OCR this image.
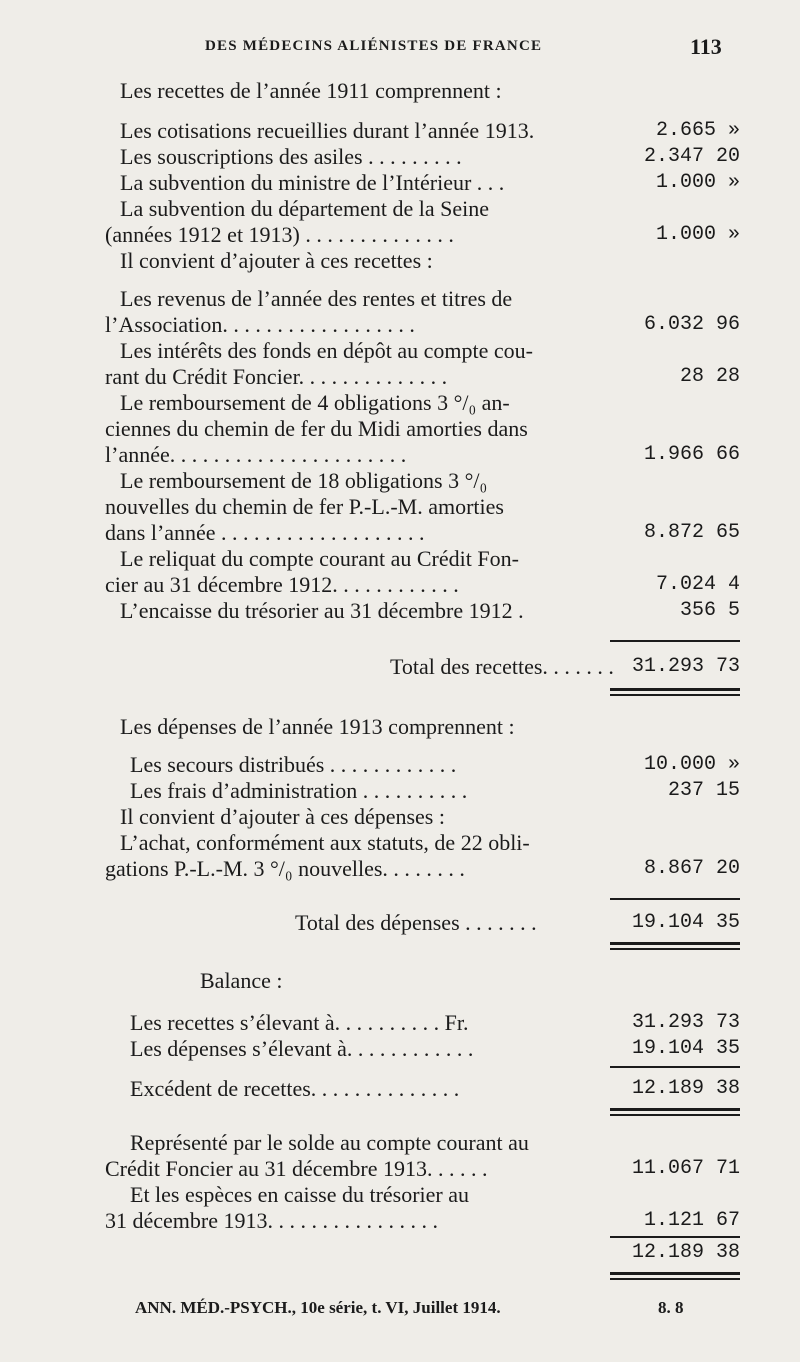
DES MÉDECINS ALIÉNISTES DE FRANCE	113
Les recettes de l’année 1911 comprennent :
Les cotisations recueillies durant l’année 1913.	2.665 »
Les souscriptions des asiles . . . . . . . . .	2.347 20
La subvention du ministre de l’Intérieur . . .	1.000 »
La subvention du département de la Seine
(années 1912 et 1913) . . . . . . . . . . . . . .	1.000 »
Il convient d’ajouter à ces recettes :
Les revenus de l’année des rentes et titres de
l’Association. . . . . . . . . . . . . . . . . .	6.032 96
Les intérêts des fonds en dépôt au compte cou-
rant du Crédit Foncier. . . . . . . . . . . . . .	28 28
Le remboursement de 4 obligations 3 °/₀ an-
ciennes du chemin de fer du Midi amorties dans
l’année. . . . . . . . . . . . . . . . . . . . . .	1.966 66
Le remboursement de 18 obligations 3 °/₀
nouvelles du chemin de fer P.-L.-M. amorties
dans l’année . . . . . . . . . . . . . . . . . . .	8.872 65
Le reliquat du compte courant au Crédit Fon-
cier au 31 décembre 1912. . . . . . . . . . . .	7.024 4
L’encaisse du trésorier au 31 décembre 1912 .	356 5
Total des recettes. . . . . . . 31.293 73
Les dépenses de l’année 1913 comprennent :
Les secours distribués . . . . . . . . . . . .	10.000 »
Les frais d’administration . . . . . . . . . .	237 15
Il convient d’ajouter à ces dépenses :
L’achat, conformément aux statuts, de 22 obli-
gations P.-L.-M. 3 °/₀ nouvelles. . . . . . . .	8.867 20
Total des dépenses . . . . . . .	19.104 35
Balance :
Les recettes s’élevant à. . . . . . . . . . Fr.	31.293 73
Les dépenses s’élevant à. . . . . . . . . . . .	19.104 35
Excédent de recettes. . . . . . . . . . . . . .	12.189 38
Représenté par le solde au compte courant au
Crédit Foncier au 31 décembre 1913. . . . . .	11.067 71
Et les espèces en caisse du trésorier au
31 décembre 1913. . . . . . . . . . . . . . . .	1.121 67
12.189 38
ANN. MÉD.-PSYCH., 10e série, t. VI, Juillet 1914.	8. 8
